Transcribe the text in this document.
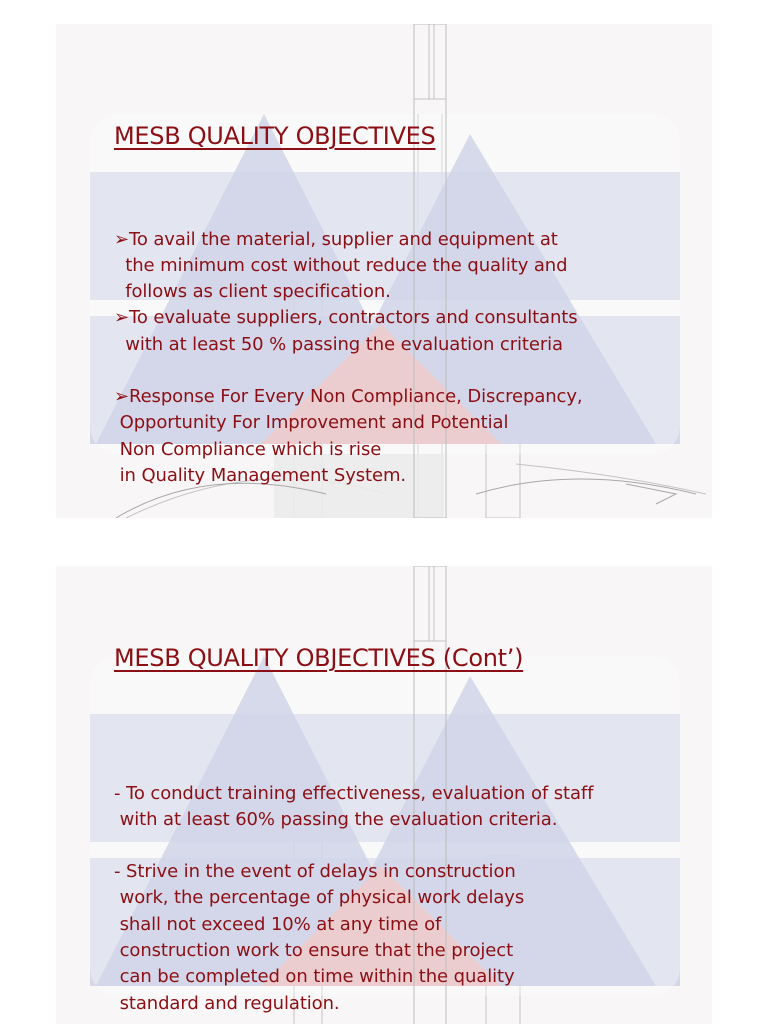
MESB QUALITY OBJECTIVES

➢To avail the material, supplier and equipment at
the minimum cost without reduce the quality and
follows as client specification.
➢To evaluate suppliers, contractors and consultants
with at least 50 % passing the evaluation criteria
➢Response For Every Non Compliance, Discrepancy,
Opportunity For Improvement and Potential
Non Compliance which is rise
in Quality Management System.
MESB QUALITY OBJECTIVES (Cont’)

- To conduct training effectiveness, evaluation of staff
with at least 60% passing the evaluation criteria.
- Strive in the event of delays in construction
work, the percentage of physical work delays
shall not exceed 10% at any time of
construction work to ensure that the project
can be completed on time within the quality
standard and regulation.
